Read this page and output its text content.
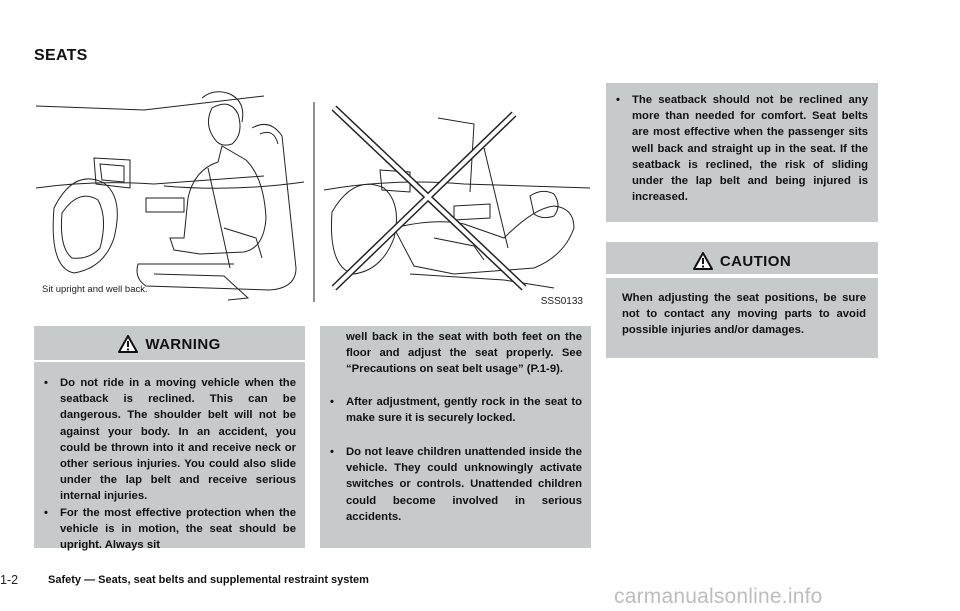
SEATS
Sit upright and well back.
SSS0133
WARNING
• Do not ride in a moving vehicle when the seatback is reclined. This can be dangerous. The shoulder belt will not be against your body. In an accident, you could be thrown into it and receive neck or other serious injuries. You could also slide under the lap belt and receive serious internal injuries.
• For the most effective protection when the vehicle is in motion, the seat should be upright. Always sit
well back in the seat with both feet on the floor and adjust the seat properly. See “Precautions on seat belt usage” (P.1-9).
• After adjustment, gently rock in the seat to make sure it is securely locked.
• Do not leave children unattended inside the vehicle. They could unknowingly activate switches or controls. Unattended children could become involved in serious accidents.
• The seatback should not be reclined any more than needed for comfort. Seat belts are most effective when the passenger sits well back and straight up in the seat. If the seatback is reclined, the risk of sliding under the lap belt and being injured is increased.
CAUTION
When adjusting the seat positions, be sure not to contact any moving parts to avoid possible injuries and/or damages.
1-2	Safety — Seats, seat belts and supplemental restraint system
carmanualsonline.info
